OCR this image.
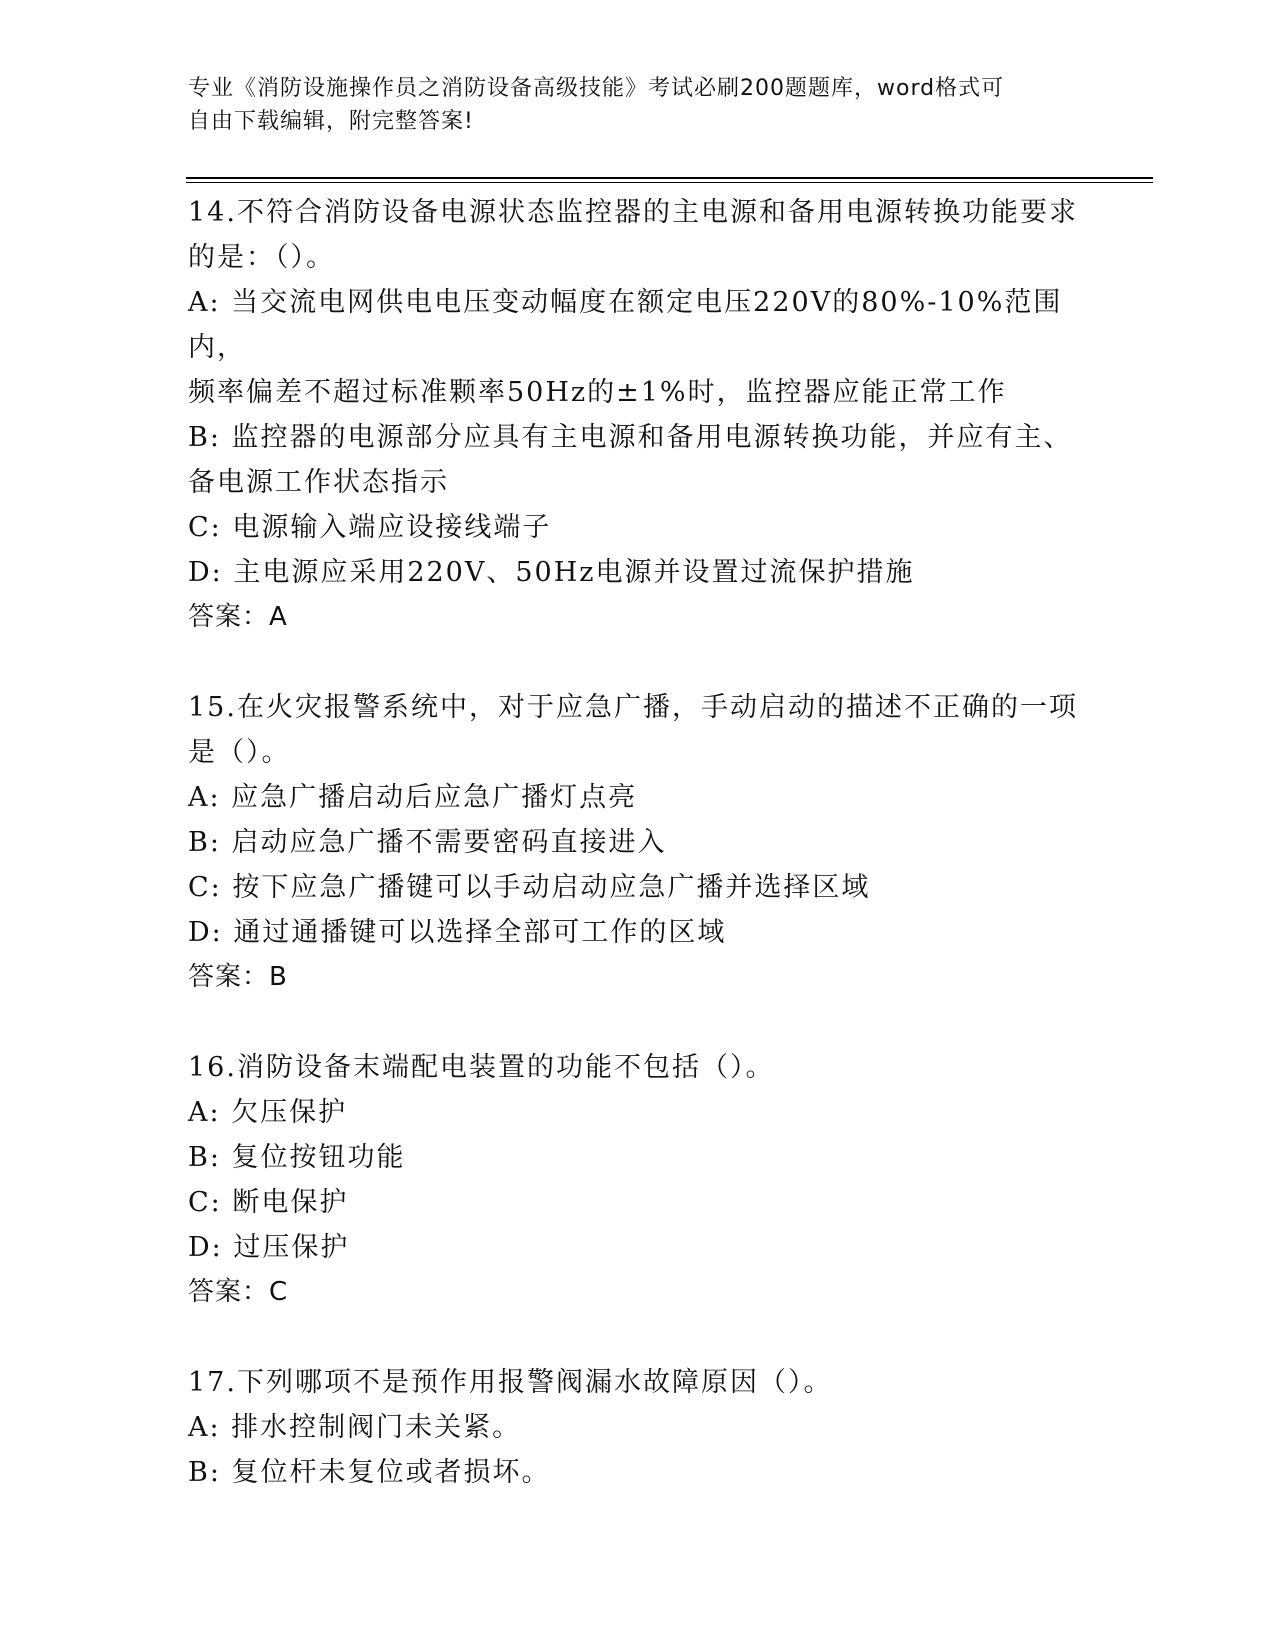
专业《消防设施操作员之消防设备高级技能》考试必刷200题题库，word格式可
自由下载编辑，附完整答案!
14.不符合消防设备电源状态监控器的主电源和备用电源转换功能要求
的是：（）。
A: 当交流电网供电电压变动幅度在额定电压220V的80%-10%范围内，
频率偏差不超过标准颗率50Hz的±1%时，监控器应能正常工作
B: 监控器的电源部分应具有主电源和备用电源转换功能，并应有主、
备电源工作状态指示
C: 电源输入端应设接线端子
D: 主电源应采用220V、50Hz电源并设置过流保护措施
答案：A
15.在火灾报警系统中，对于应急广播，手动启动的描述不正确的一项
是（）。
A: 应急广播启动后应急广播灯点亮
B: 启动应急广播不需要密码直接进入
C: 按下应急广播键可以手动启动应急广播并选择区域
D: 通过通播键可以选择全部可工作的区域
答案：B
16.消防设备末端配电装置的功能不包括（）。
A: 欠压保护
B: 复位按钮功能
C: 断电保护
D: 过压保护
答案：C
17.下列哪项不是预作用报警阀漏水故障原因（）。
A: 排水控制阀门未关紧。
B: 复位杆未复位或者损坏。
